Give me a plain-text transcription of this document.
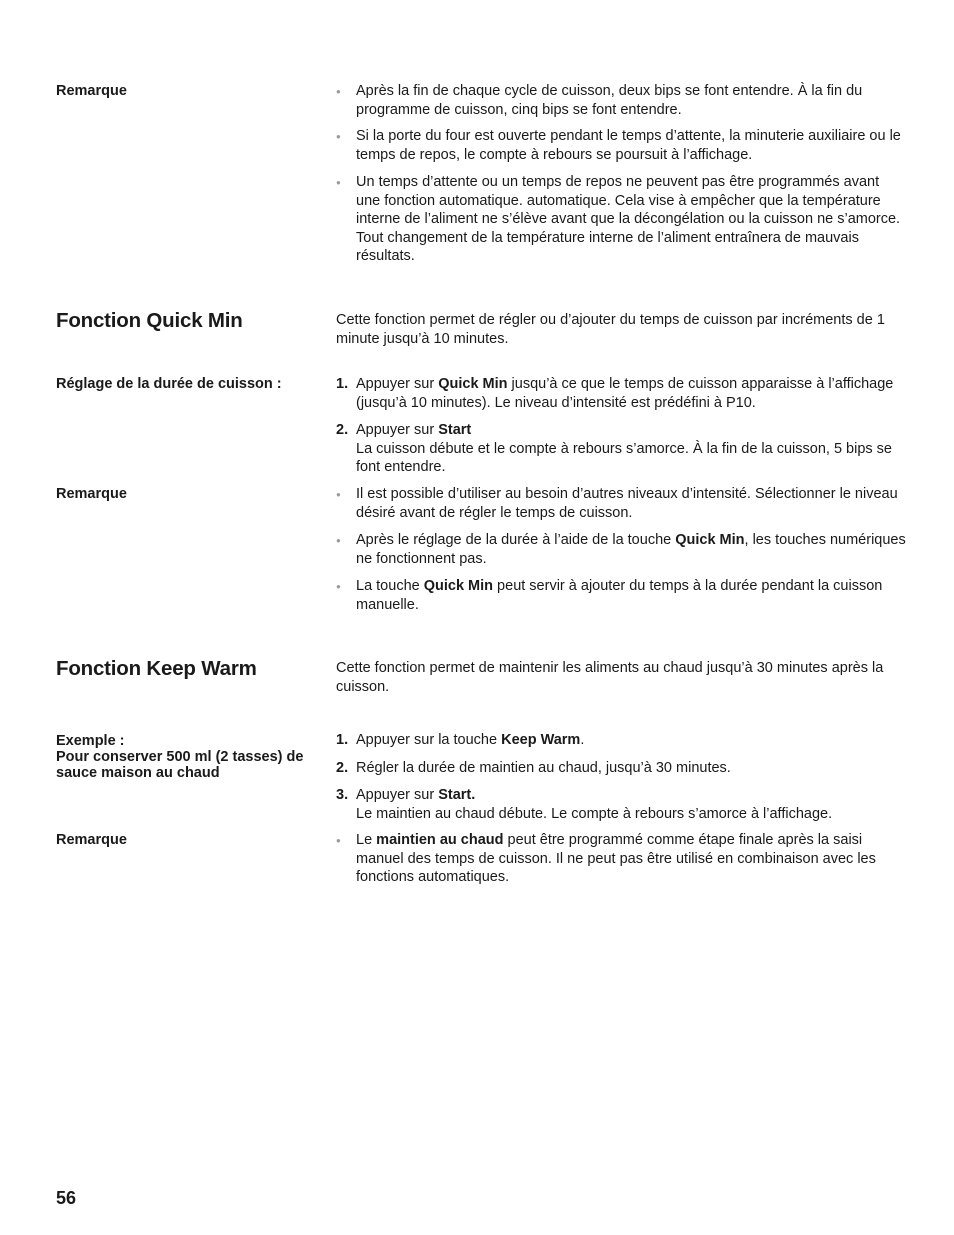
Remarque	●	Après la fin de chaque cycle de cuisson, deux bips se font entendre. À la fin du programme de cuisson, cinq bips se font entendre.
●	Si la porte du four est ouverte pendant le temps d’attente, la minuterie auxiliaire ou le temps de repos, le compte à rebours se poursuit à l’affichage.
●	Un temps d’attente ou un temps de repos ne peuvent pas être programmés avant une fonction automatique. automatique. Cela vise à empêcher que la température interne de l’aliment ne s’élève avant que la décongélation ou la cuisson ne s’amorce. Tout changement de la température interne de l’aliment entraînera de mauvais résultats.
Fonction Quick Min	Cette fonction permet de régler ou d’ajouter du temps de cuisson par incréments de 1 minute jusqu’à 10 minutes.
Réglage de la durée de cuisson :	1. Appuyer sur Quick Min jusqu’à ce que le temps de cuisson apparaisse à l’affichage (jusqu’à 10 minutes). Le niveau d’intensité est prédéfini à P10.
2. Appuyer sur Start
La cuisson débute et le compte à rebours s’amorce. À la fin de la cuisson, 5 bips se font entendre.
Remarque	●	Il est possible d’utiliser au besoin d’autres niveaux d’intensité. Sélectionner le niveau désiré avant de régler le temps de cuisson.
●	Après le réglage de la durée à l’aide de la touche Quick Min, les touches numériques ne fonctionnent pas.
●	La touche Quick Min peut servir à ajouter du temps à la durée pendant la cuisson manuelle.
Fonction Keep Warm	Cette fonction permet de maintenir les aliments au chaud jusqu’à 30 minutes après la cuisson.
Exemple :
Pour conserver 500 ml (2 tasses) de sauce maison au chaud
1. Appuyer sur la touche Keep Warm.
2. Régler la durée de maintien au chaud, jusqu’à 30 minutes.
3. Appuyer sur Start.
Le maintien au chaud débute. Le compte à rebours s’amorce à l’affichage.
Remarque	●	Le maintien au chaud peut être programmé comme étape finale après la saisi manuel des temps de cuisson. Il ne peut pas être utilisé en combinaison avec les fonctions automatiques.
56
